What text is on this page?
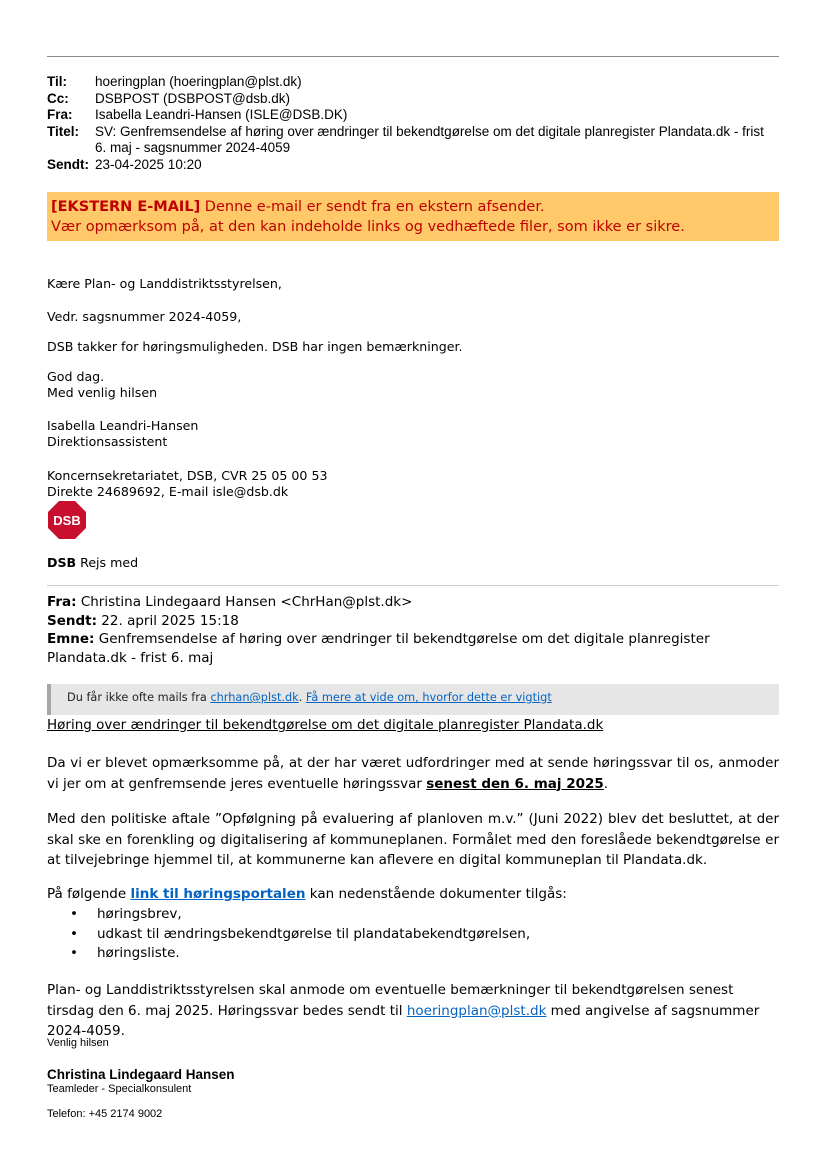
Til:	hoeringplan (hoeringplan@plst.dk)
Cc:	DSBPOST (DSBPOST@dsb.dk)
Fra:	Isabella Leandri-Hansen (ISLE@DSB.DK)
Titel:	SV: Genfremsendelse af høring over ændringer til bekendtgørelse om det digitale planregister Plandata.dk - frist
6. maj - sagsnummer 2024-4059
Sendt: 23-04-2025 10:20
[EKSTERN E-MAIL] Denne e-mail er sendt fra en ekstern afsender.
Vær opmærksom på, at den kan indeholde links og vedhæftede filer, som ikke er sikre.
Kære Plan- og Landdistriktsstyrelsen,
Vedr. sagsnummer 2024-4059,
DSB takker for høringsmuligheden. DSB har ingen bemærkninger.
God dag.
Med venlig hilsen
Isabella Leandri-Hansen
Direktionsassistent
Koncernsekretariatet, DSB, CVR 25 05 00 53
Direkte 24689692, E-mail isle@dsb.dk
DSB
DSB Rejs med
Fra: Christina Lindegaard Hansen <ChrHan@plst.dk>
Sendt: 22. april 2025 15:18
Emne: Genfremsendelse af høring over ændringer til bekendtgørelse om det digitale planregister Plandata.dk - frist 6. maj
Du får ikke ofte mails fra chrhan@plst.dk. Få mere at vide om, hvorfor dette er vigtigt
Høring over ændringer til bekendtgørelse om det digitale planregister Plandata.dk
Da vi er blevet opmærksomme på, at der har været udfordringer med at sende høringssvar til os, anmoder vi jer om at genfremsende jeres eventuelle høringssvar senest den 6. maj 2025.
Med den politiske aftale ”Opfølgning på evaluering af planloven m.v.” (Juni 2022) blev det besluttet, at der skal ske en forenkling og digitalisering af kommuneplanen. Formålet med den foreslåede bekendtgørelse er at tilvejebringe hjemmel til, at kommunerne kan aflevere en digital kommuneplan til Plandata.dk.
På følgende link til høringsportalen kan nedenstående dokumenter tilgås:
•	høringsbrev,
•	udkast til ændringsbekendtgørelse til plandatabekendtgørelsen,
•	høringsliste.
Plan- og Landdistriktsstyrelsen skal anmode om eventuelle bemærkninger til bekendtgørelsen senest tirsdag den 6. maj 2025. Høringssvar bedes sendt til hoeringplan@plst.dk med angivelse af sagsnummer 2024-4059.
Venlig hilsen
Christina Lindegaard Hansen
Teamleder - Specialkonsulent
Telefon: +45 2174 9002
